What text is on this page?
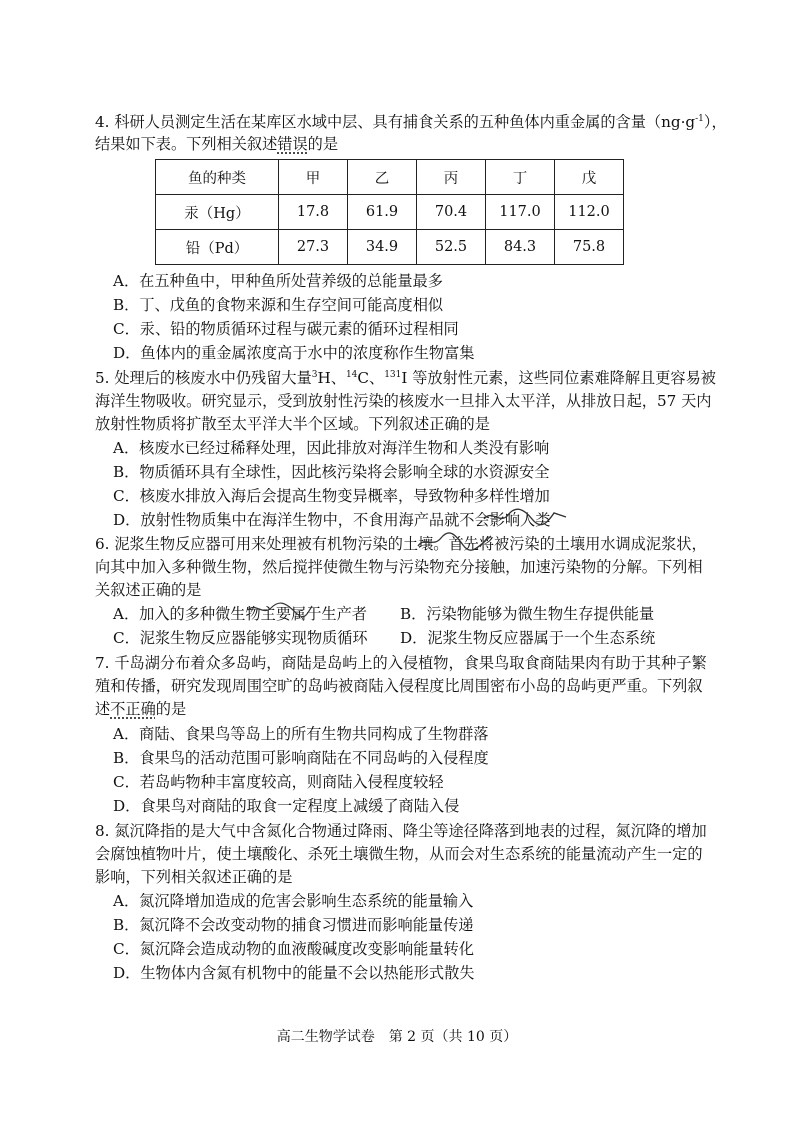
4. 科研人员测定生活在某库区水域中层、具有捕食关系的五种鱼体内重金属的含量$(ng\cdot g^{-1})$，
结果如下表。下列相关叙述错误的是
鱼的种类	甲	乙	丙	丁	戊
汞（Hg）	17.8	61.9	70.4	117.0	112.0
铅（Pd）	27.3	34.9	52.5	84.3	75.8
A．在五种鱼中，甲种鱼所处营养级的总能量最多
B．丁、戊鱼的食物来源和生存空间可能高度相似
C．汞、铅的物质循环过程与碳元素的循环过程相同
D．鱼体内的重金属浓度高于水中的浓度称作生物富集
5. 处理后的核废水中仍残留大量$^3$H、$^{14}$C、$^{131}$I 等放射性元素，这些同位素难降解且更容易被
海洋生物吸收。研究显示，受到放射性污染的核废水一旦排入太平洋，从排放日起，57 天内
放射性物质将扩散至太平洋大半个区域。下列叙述正确的是
A．核废水已经过稀释处理，因此排放对海洋生物和人类没有影响
B．物质循环具有全球性，因此核污染将会影响全球的水资源安全
C．核废水排放入海后会提高生物变异概率，导致物种多样性增加
D．放射性物质集中在海洋生物中，不食用海产品就不会影响人类
6. 泥浆生物反应器可用来处理被有机物污染的土壤。首先将被污染的土壤用水调成泥浆状，
向其中加入多种微生物，然后搅拌使微生物与污染物充分接触，加速污染物的分解。下列相
关叙述正确的是
A．加入的多种微生物主要属于生产者	B．污染物能够为微生物生存提供能量
C．泥浆生物反应器能够实现物质循环	D．泥浆生物反应器属于一个生态系统
7. 千岛湖分布着众多岛屿，商陆是岛屿上的入侵植物，食果鸟取食商陆果肉有助于其种子繁
殖和传播，研究发现周围空旷的岛屿被商陆入侵程度比周围密布小岛的岛屿更严重。下列叙
述不正确的是
A．商陆、食果鸟等岛上的所有生物共同构成了生物群落
B．食果鸟的活动范围可影响商陆在不同岛屿的入侵程度
C．若岛屿物种丰富度较高，则商陆入侵程度较轻
D．食果鸟对商陆的取食一定程度上减缓了商陆入侵
8. 氮沉降指的是大气中含氮化合物通过降雨、降尘等途径降落到地表的过程，氮沉降的增加
会腐蚀植物叶片，使土壤酸化、杀死土壤微生物，从而会对生态系统的能量流动产生一定的
影响，下列相关叙述正确的是
A．氮沉降增加造成的危害会影响生态系统的能量输入
B．氮沉降不会改变动物的捕食习惯进而影响能量传递
C．氮沉降会造成动物的血液酸碱度改变影响能量转化
D．生物体内含氮有机物中的能量不会以热能形式散失
高二生物学试卷　第 2 页（共 10 页）
